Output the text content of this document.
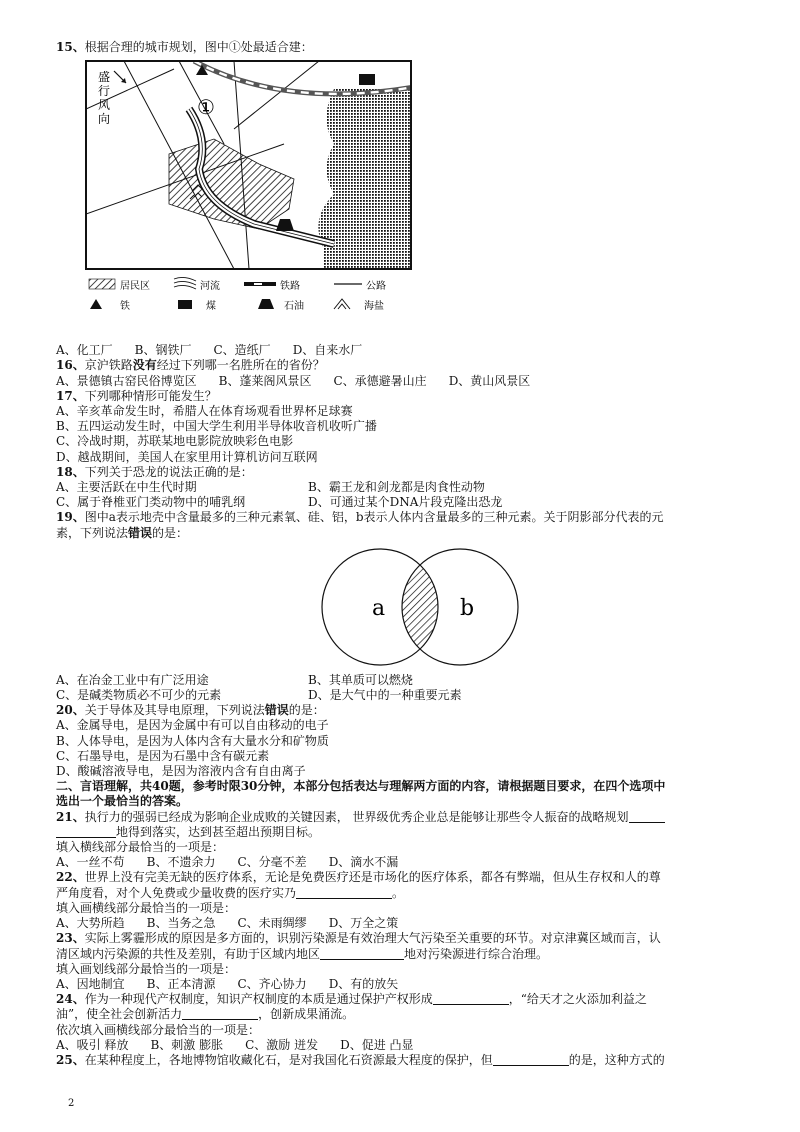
15、根据合理的城市规划，图中①处最适合建：

盛
行
风
向	①
居民区	河流	铁路	公路
铁	煤	石油	海盐
A、化工厂 B、钢铁厂 C、造纸厂 D、自来水厂

16、京沪铁路没有经过下列哪一名胜所在的省份？

A、景德镇古窑民俗博览区 B、蓬莱阁风景区 C、承德避暑山庄 D、黄山风景区

17、下列哪种情形可能发生？

A、辛亥革命发生时，希腊人在体育场观看世界杯足球赛

B、五四运动发生时，中国大学生利用半导体收音机收听广播

C、冷战时期，苏联某地电影院放映彩色电影

D、越战期间，美国人在家里用计算机访问互联网

18、下列关于恐龙的说法正确的是：

A、主要活跃在中生代时期	B、霸王龙和剑龙都是肉食性动物
C、属于脊椎亚门类动物中的哺乳纲	D、可通过某个DNA片段克隆出恐龙

19、图中a表示地壳中含量最多的三种元素氧、硅、铝，b表示人体内含量最多的三种元素。关于阴影部分代表的元

素，下列说法错误的是：

a	b
A、在冶金工业中有广泛用途	B、其单质可以燃烧
C、是碱类物质必不可少的元素	D、是大气中的一种重要元素

20、关于导体及其导电原理，下列说法错误的是：

A、金属导电，是因为金属中有可以自由移动的电子

B、人体导电，是因为人体内含有大量水分和矿物质

C、石墨导电，是因为石墨中含有碳元素

D、酸碱溶液导电，是因为溶液内含有自由离子

二、言语理解，共40题，参考时限30分钟，本部分包括表达与理解两方面的内容，请根据题目要求，在四个选项中

选出一个最恰当的答案。

21、执行力的强弱已经成为影响企业成败的关键因素， 世界级优秀企业总是能够让那些令人振奋的战略规划

地得到落实，达到甚至超出预期目标。

填入横线部分最恰当的一项是：

A、一丝不苟 B、不遗余力 C、分毫不差 D、滴水不漏

22、世界上没有完美无缺的医疗体系，无论是免费医疗还是市场化的医疗体系，都各有弊端，但从生存权和人的尊

严角度看，对个人免费或少量收费的医疗实乃	。

填入画横线部分最恰当的一项是：

A、大势所趋 B、当务之急 C、未雨绸缪 D、万全之策

23、实际上雾霾形成的原因是多方面的，识别污染源是有效治理大气污染至关重要的环节。对京津冀区域而言，认

清区域内污染源的共性及差别，有助于区域内地区	地对污染源进行综合治理。

填入画划线部分最恰当的一项是：

A、因地制宜 B、正本清源 C、齐心协力 D、有的放矢

24、作为一种现代产权制度，知识产权制度的本质是通过保护产权形成	，“给天才之火添加利益之

油”，使全社会创新活力	，创新成果涌流。

依次填入画横线部分最恰当的一项是：

A、吸引 释放 B、刺激 膨胀 C、激励 迸发 D、促进 凸显

25、在某种程度上，各地博物馆收藏化石，是对我国化石资源最大程度的保护，但	的是，这种方式的

2
